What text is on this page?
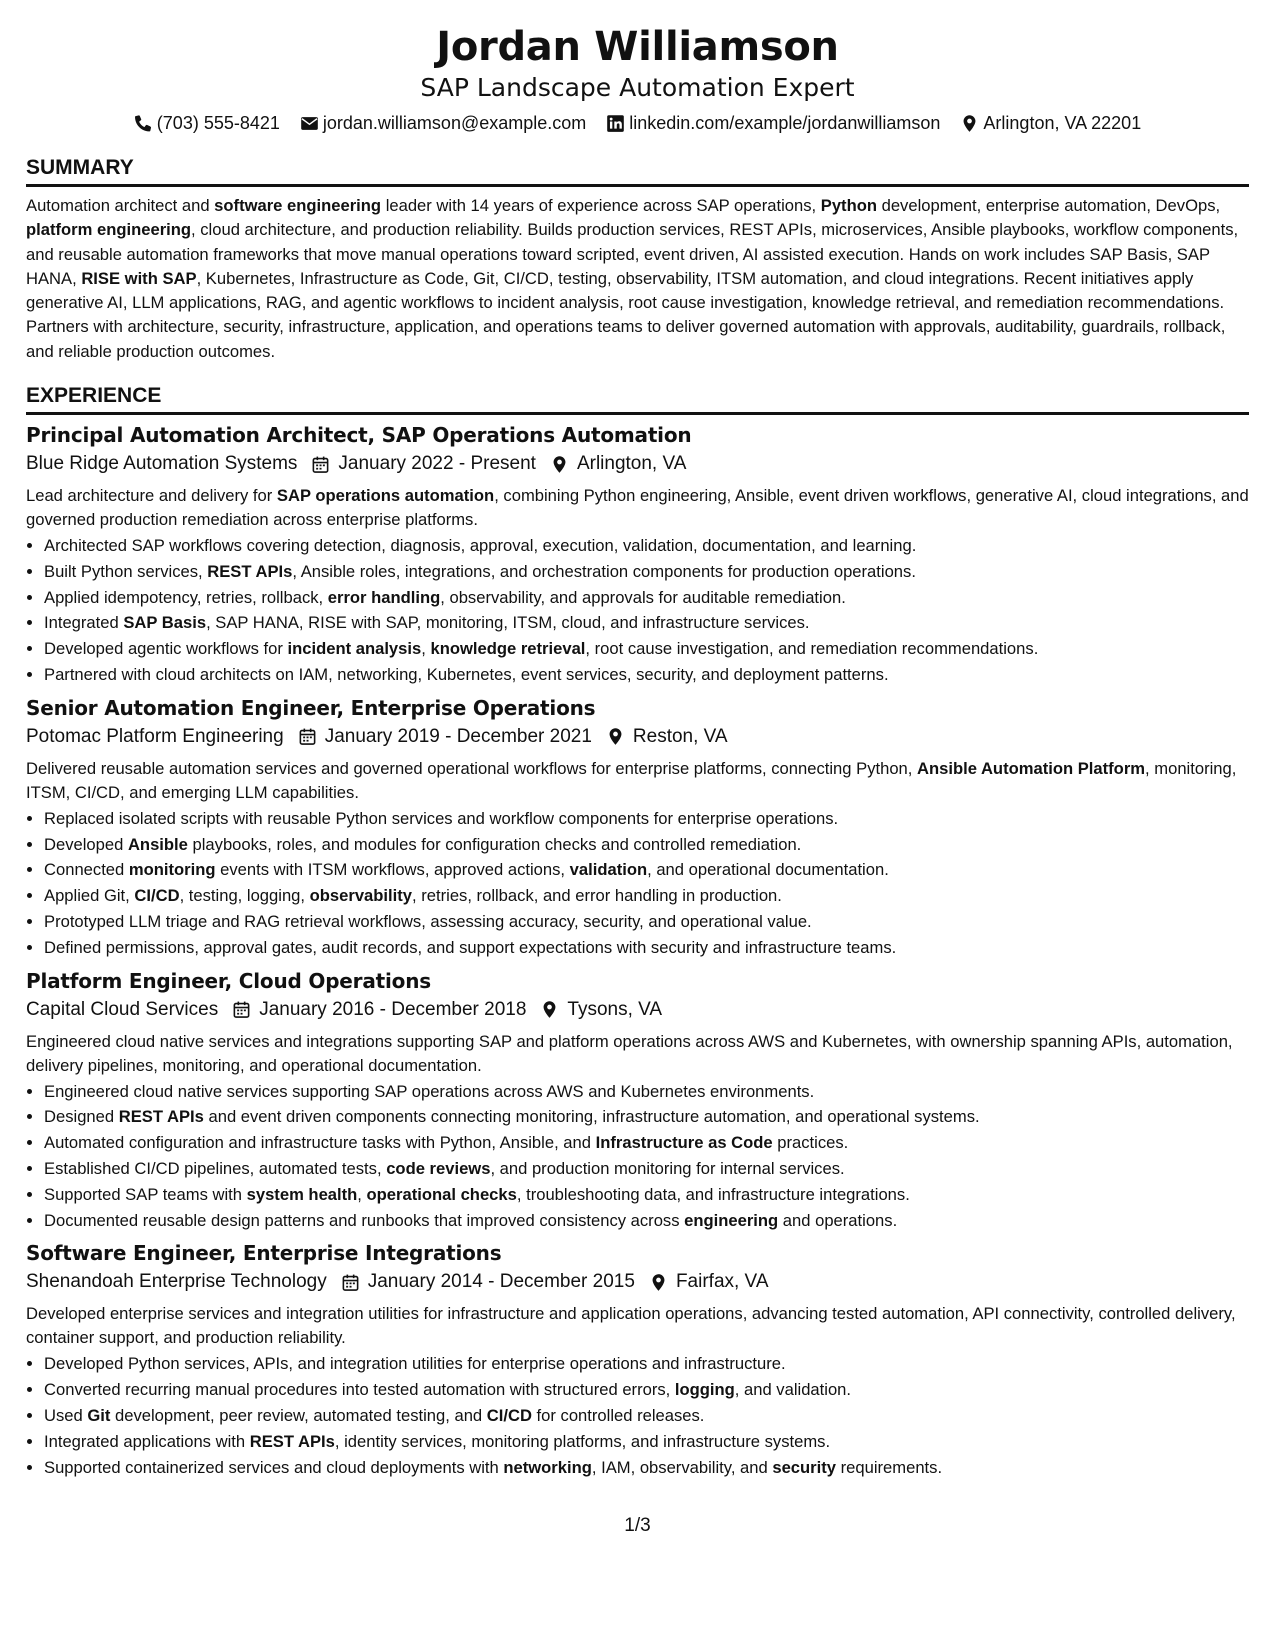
Jordan Williamson
SAP Landscape Automation Expert
(703) 555-8421 jordan.williamson@example.com linkedin.com/example/jordanwilliamson Arlington, VA 22201
SUMMARY
Automation architect and software engineering leader with 14 years of experience across SAP operations, Python development, enterprise automation, DevOps, platform engineering, cloud architecture, and production reliability. Builds production services, REST APIs, microservices, Ansible playbooks, workflow components, and reusable automation frameworks that move manual operations toward scripted, event driven, AI assisted execution. Hands on work includes SAP Basis, SAP HANA, RISE with SAP, Kubernetes, Infrastructure as Code, Git, CI/CD, testing, observability, ITSM automation, and cloud integrations. Recent initiatives apply generative AI, LLM applications, RAG, and agentic workflows to incident analysis, root cause investigation, knowledge retrieval, and remediation recommendations. Partners with architecture, security, infrastructure, application, and operations teams to deliver governed automation with approvals, auditability, guardrails, rollback, and reliable production outcomes.
EXPERIENCE
Principal Automation Architect, SAP Operations Automation
Blue Ridge Automation Systems January 2022 - Present Arlington, VA
Lead architecture and delivery for SAP operations automation, combining Python engineering, Ansible, event driven workflows, generative AI, cloud integrations, and governed production remediation across enterprise platforms.
• Architected SAP workflows covering detection, diagnosis, approval, execution, validation, documentation, and learning.
• Built Python services, REST APIs, Ansible roles, integrations, and orchestration components for production operations.
• Applied idempotency, retries, rollback, error handling, observability, and approvals for auditable remediation.
• Integrated SAP Basis, SAP HANA, RISE with SAP, monitoring, ITSM, cloud, and infrastructure services.
• Developed agentic workflows for incident analysis, knowledge retrieval, root cause investigation, and remediation recommendations.
• Partnered with cloud architects on IAM, networking, Kubernetes, event services, security, and deployment patterns.
Senior Automation Engineer, Enterprise Operations
Potomac Platform Engineering January 2019 - December 2021 Reston, VA
Delivered reusable automation services and governed operational workflows for enterprise platforms, connecting Python, Ansible Automation Platform, monitoring, ITSM, CI/CD, and emerging LLM capabilities.
• Replaced isolated scripts with reusable Python services and workflow components for enterprise operations.
• Developed Ansible playbooks, roles, and modules for configuration checks and controlled remediation.
• Connected monitoring events with ITSM workflows, approved actions, validation, and operational documentation.
• Applied Git, CI/CD, testing, logging, observability, retries, rollback, and error handling in production.
• Prototyped LLM triage and RAG retrieval workflows, assessing accuracy, security, and operational value.
• Defined permissions, approval gates, audit records, and support expectations with security and infrastructure teams.
Platform Engineer, Cloud Operations
Capital Cloud Services January 2016 - December 2018 Tysons, VA
Engineered cloud native services and integrations supporting SAP and platform operations across AWS and Kubernetes, with ownership spanning APIs, automation, delivery pipelines, monitoring, and operational documentation.
• Engineered cloud native services supporting SAP operations across AWS and Kubernetes environments.
• Designed REST APIs and event driven components connecting monitoring, infrastructure automation, and operational systems.
• Automated configuration and infrastructure tasks with Python, Ansible, and Infrastructure as Code practices.
• Established CI/CD pipelines, automated tests, code reviews, and production monitoring for internal services.
• Supported SAP teams with system health, operational checks, troubleshooting data, and infrastructure integrations.
• Documented reusable design patterns and runbooks that improved consistency across engineering and operations.
Software Engineer, Enterprise Integrations
Shenandoah Enterprise Technology January 2014 - December 2015 Fairfax, VA
Developed enterprise services and integration utilities for infrastructure and application operations, advancing tested automation, API connectivity, controlled delivery, container support, and production reliability.
• Developed Python services, APIs, and integration utilities for enterprise operations and infrastructure.
• Converted recurring manual procedures into tested automation with structured errors, logging, and validation.
• Used Git development, peer review, automated testing, and CI/CD for controlled releases.
• Integrated applications with REST APIs, identity services, monitoring platforms, and infrastructure systems.
• Supported containerized services and cloud deployments with networking, IAM, observability, and security requirements.
1/3
